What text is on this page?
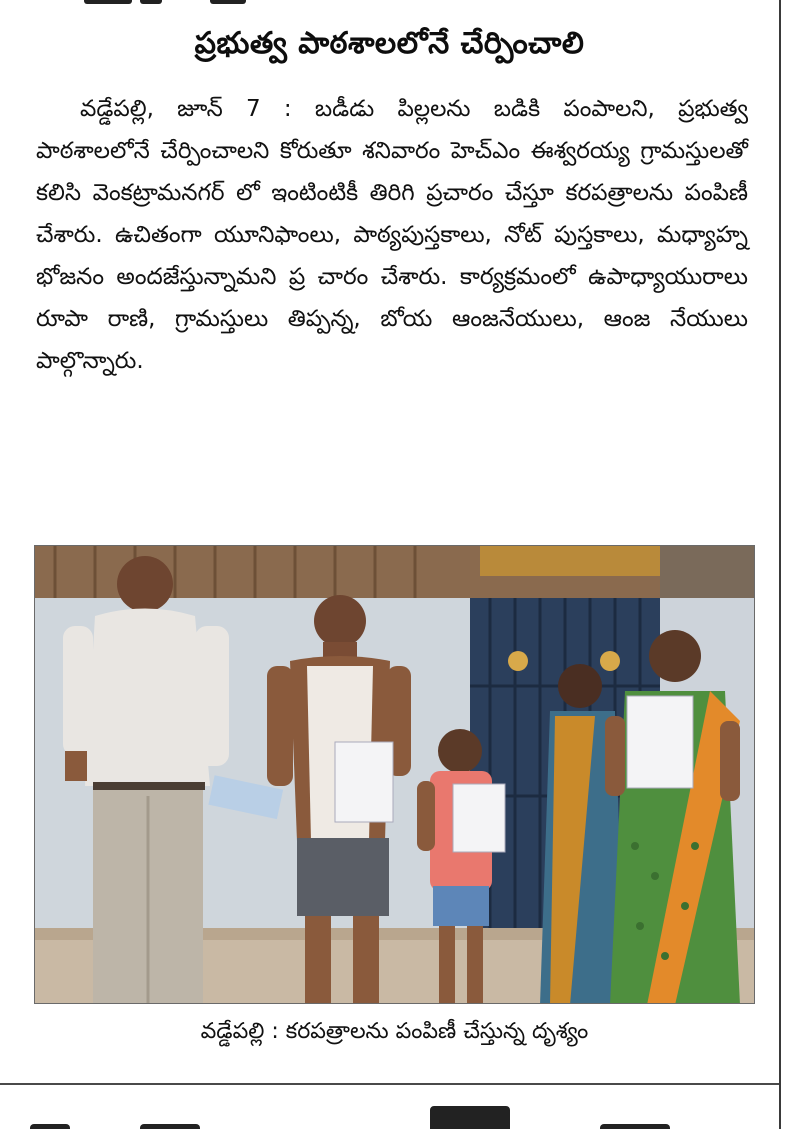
ప్రభుత్వ పాఠశాలలోనే చేర్పించాలి

వడ్డేపల్లి, జూన్ 7 : బడీడు పిల్లలను బడికి పంపాలని, ప్రభుత్వ పాఠశాలలోనే చేర్పించాలని కోరుతూ శనివారం హెచ్ఎం ఈశ్వరయ్య గ్రామస్తులతో కలిసి వెంకట్రామనగర్ లో ఇంటింటికీ తిరిగి ప్రచారం చేస్తూ కరపత్రాలను పంపిణీ చేశారు. ఉచితంగా యూనిఫాంలు, పాఠ్యపుస్తకాలు, నోట్ పుస్తకాలు, మధ్యాహ్న భోజనం అందజేస్తున్నామని ప్ర చారం చేశారు. కార్యక్రమంలో ఉపాధ్యాయురాలు రూపా రాణి, గ్రామస్తులు తిప్పన్న, బోయ ఆంజనేయులు, ఆంజ నేయులు పాల్గొన్నారు.

వడ్డేపల్లి : కరపత్రాలను పంపిణీ చేస్తున్న దృశ్యం
